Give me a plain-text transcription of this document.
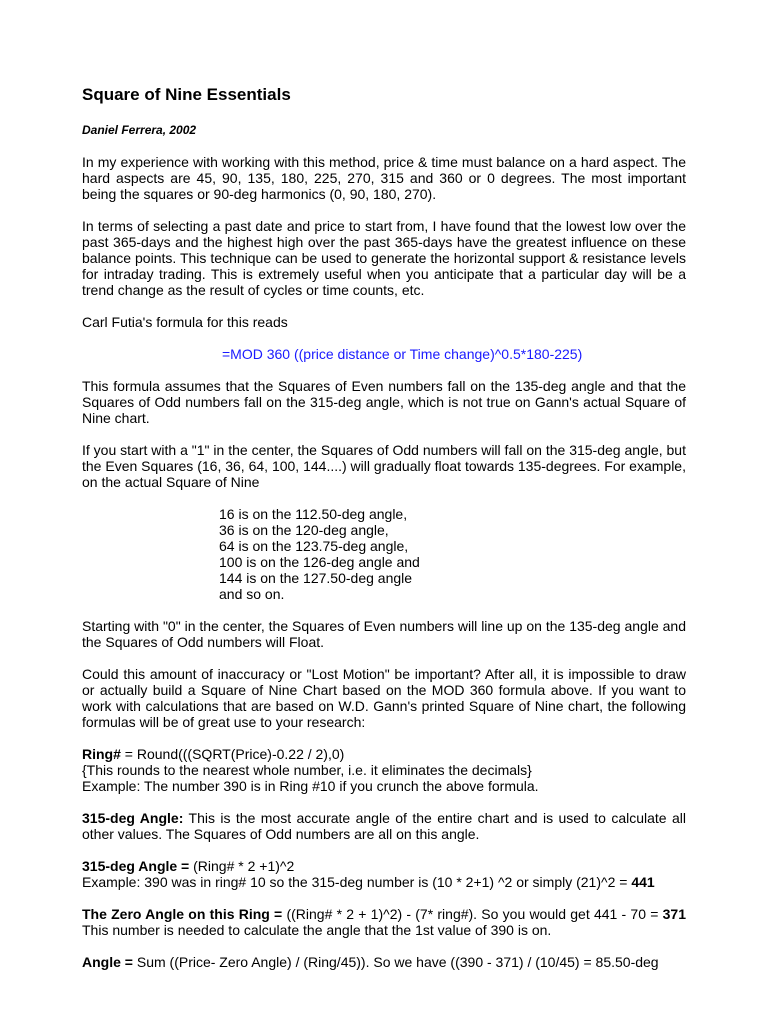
Square of Nine Essentials

Daniel Ferrera, 2002

In my experience with working with this method, price & time must balance on a hard aspect. The hard aspects are 45, 90, 135, 180, 225, 270, 315 and 360 or 0 degrees. The most important being the squares or 90-deg harmonics (0, 90, 180, 270).

In terms of selecting a past date and price to start from, I have found that the lowest low over the past 365-days and the highest high over the past 365-days have the greatest influence on these balance points. This technique can be used to generate the horizontal support & resistance levels for intraday trading. This is extremely useful when you anticipate that a particular day will be a trend change as the result of cycles or time counts, etc.

Carl Futia's formula for this reads

=MOD 360 ((price distance or Time change)^0.5*180-225)

This formula assumes that the Squares of Even numbers fall on the 135-deg angle and that the Squares of Odd numbers fall on the 315-deg angle, which is not true on Gann's actual Square of Nine chart.

If you start with a "1" in the center, the Squares of Odd numbers will fall on the 315-deg angle, but the Even Squares (16, 36, 64, 100, 144....) will gradually float towards 135-degrees. For example, on the actual Square of Nine

16 is on the 112.50-deg angle,
36 is on the 120-deg angle,
64 is on the 123.75-deg angle,
100 is on the 126-deg angle and
144 is on the 127.50-deg angle
and so on.

Starting with "0" in the center, the Squares of Even numbers will line up on the 135-deg angle and the Squares of Odd numbers will Float.

Could this amount of inaccuracy or "Lost Motion" be important? After all, it is impossible to draw or actually build a Square of Nine Chart based on the MOD 360 formula above. If you want to work with calculations that are based on W.D. Gann's printed Square of Nine chart, the following formulas will be of great use to your research:

Ring# = Round(((SQRT(Price)-0.22 / 2),0)
{This rounds to the nearest whole number, i.e. it eliminates the decimals}
Example: The number 390 is in Ring #10 if you crunch the above formula.

315-deg Angle: This is the most accurate angle of the entire chart and is used to calculate all other values. The Squares of Odd numbers are all on this angle.

315-deg Angle = (Ring# * 2 +1)^2
Example: 390 was in ring# 10 so the 315-deg number is (10 * 2+1) ^2 or simply (21)^2 = 441

The Zero Angle on this Ring = ((Ring# * 2 + 1)^2) - (7* ring#). So you would get 441 - 70 = 371 This number is needed to calculate the angle that the 1st value of 390 is on.

Angle = Sum ((Price- Zero Angle) / (Ring/45)). So we have ((390 - 371) / (10/45) = 85.50-deg
